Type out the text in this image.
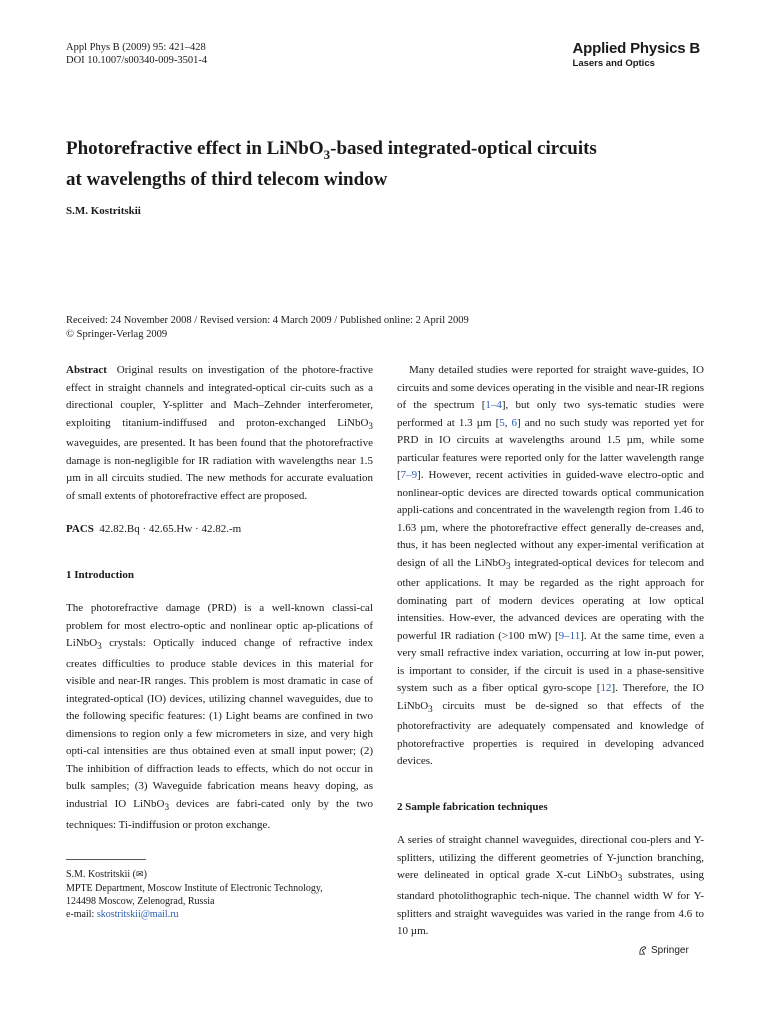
Appl Phys B (2009) 95: 421–428
DOI 10.1007/s00340-009-3501-4
Applied Physics B
Lasers and Optics
Photorefractive effect in LiNbO$_3$-based integrated-optical circuits
at wavelengths of third telecom window
S.M. Kostritskii
Received: 24 November 2008 / Revised version: 4 March 2009 / Published online: 2 April 2009
© Springer-Verlag 2009

Abstract Original results on investigation of the photore-fractive effect in straight channels and integrated-optical cir-cuits such as a directional coupler, Y-splitter and Mach–Zehnder interferometer, exploiting titanium-indiffused and proton-exchanged LiNbO$_3$ waveguides, are presented. It has been found that the photorefractive damage is non-negligible for IR radiation with wavelengths near 1.5 µm in all circuits studied. The new methods for accurate evaluation of small extents of photorefractive effect are proposed.

PACS 42.82.Bq · 42.65.Hw · 42.82.-m

1 Introduction

The photorefractive damage (PRD) is a well-known classi-cal problem for most electro-optic and nonlinear optic ap-plications of LiNbO$_3$ crystals: Optically induced change of refractive index creates difficulties to produce stable devices in this material for visible and near-IR ranges. This problem is most dramatic in case of integrated-optical (IO) devices, utilizing channel waveguides, due to the following specific features: (1) Light beams are confined in two dimensions to region only a few micrometers in size, and very high opti-cal intensities are thus obtained even at small input power; (2) The inhibition of diffraction leads to effects, which do not occur in bulk samples; (3) Waveguide fabrication means heavy doping, as industrial IO LiNbO$_3$ devices are fabri-cated only by the two techniques: Ti-indiffusion or proton exchange.

S.M. Kostritskii (✉)
MPTE Department, Moscow Institute of Electronic Technology,
124498 Moscow, Zelenograd, Russia
e-mail: skostritskii@mail.ru

Many detailed studies were reported for straight wave-guides, IO circuits and some devices operating in the visible and near-IR regions of the spectrum [1–4], but only two sys-tematic studies were performed at 1.3 µm [5, 6] and no such study was reported yet for PRD in IO circuits at wavelengths around 1.5 µm, while some particular features were reported only for the latter wavelength range [7–9]. However, recent activities in guided-wave electro-optic and nonlinear-optic devices are directed towards optical communication appli-cations and concentrated in the wavelength region from 1.46 to 1.63 µm, where the photorefractive effect generally de-creases and, thus, it has been neglected without any exper-imental verification at design of all the LiNbO$_3$ integrated-optical devices for telecom and other applications. It may be regarded as the right approach for dominating part of modern devices operating at low optical intensities. How-ever, the advanced devices are operating with the powerful IR radiation (>100 mW) [9–11]. At the same time, even a very small refractive index variation, occurring at low in-put power, is important to consider, if the circuit is used in a phase-sensitive system such as a fiber optical gyro-scope [12]. Therefore, the IO LiNbO$_3$ circuits must be de-signed so that effects of the photorefractivity are adequately compensated and knowledge of photorefractive properties is required in developing advanced devices.

2 Sample fabrication techniques

A series of straight channel waveguides, directional cou-plers and Y-splitters, utilizing the different geometries of Y-junction branching, were delineated in optical grade X-cut LiNbO$_3$ substrates, using standard photolithographic tech-nique. The channel width W for Y-splitters and straight waveguides was varied in the range from 4.6 to 10 µm.

Springer
